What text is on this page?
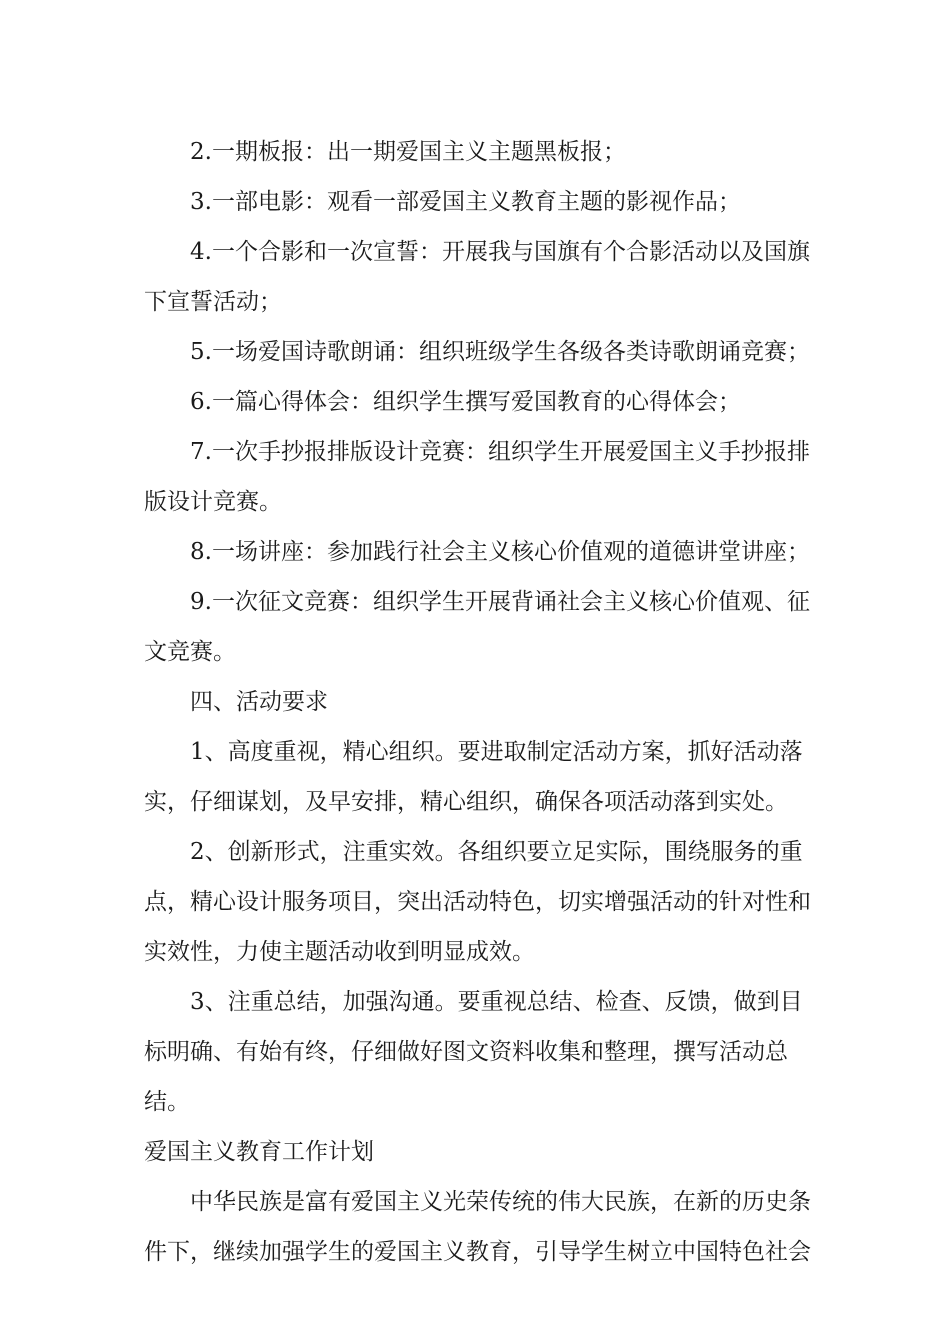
2.一期板报：出一期爱国主义主题黑板报；

3.一部电影：观看一部爱国主义教育主题的影视作品；

4.一个合影和一次宣誓：开展我与国旗有个合影活动以及国旗下宣誓活动；

5.一场爱国诗歌朗诵：组织班级学生各级各类诗歌朗诵竞赛；

6.一篇心得体会：组织学生撰写爱国教育的心得体会；

7.一次手抄报排版设计竞赛：组织学生开展爱国主义手抄报排版设计竞赛。

8.一场讲座：参加践行社会主义核心价值观的道德讲堂讲座；

9.一次征文竞赛：组织学生开展背诵社会主义核心价值观、征文竞赛。

四、活动要求

1、高度重视，精心组织。要进取制定活动方案，抓好活动落实，仔细谋划，及早安排，精心组织，确保各项活动落到实处。

2、创新形式，注重实效。各组织要立足实际，围绕服务的重点，精心设计服务项目，突出活动特色，切实增强活动的针对性和实效性，力使主题活动收到明显成效。

3、注重总结，加强沟通。要重视总结、检查、反馈，做到目标明确、有始有终，仔细做好图文资料收集和整理，撰写活动总结。

爱国主义教育工作计划

中华民族是富有爱国主义光荣传统的伟大民族，在新的历史条件下，继续加强学生的爱国主义教育，引导学生树立中国特色社会
